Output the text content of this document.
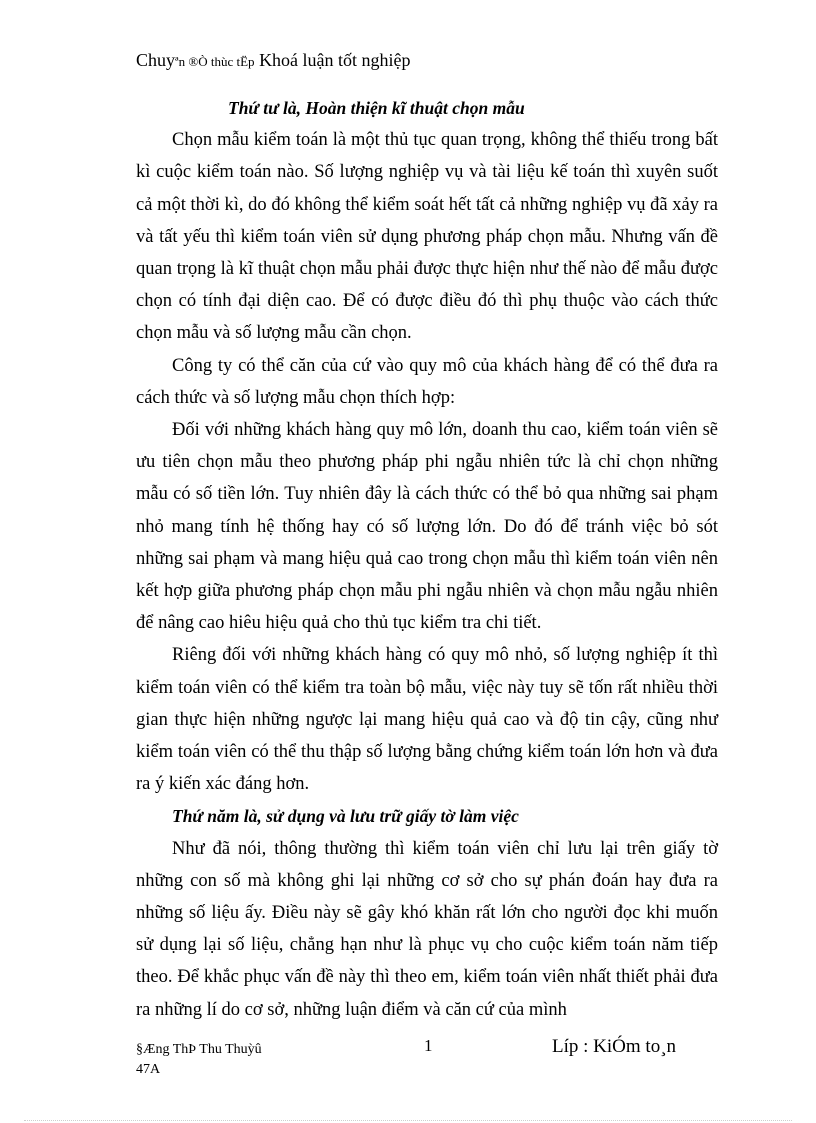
Chuyªn ®Ò thùc tËp Khoá luận tốt nghiệp

Thứ tư là, Hoàn thiện kĩ thuật chọn mẫu

Chọn mẫu kiểm toán là một thủ tục quan trọng, không thể thiếu trong bất kì cuộc kiểm toán nào. Số lượng nghiệp vụ và tài liệu kế toán thì xuyên suốt cả một thời kì, do đó không thể kiểm soát hết tất cả những nghiệp vụ đã xảy ra và tất yếu thì kiểm toán viên sử dụng phương pháp chọn mẫu. Nhưng vấn đề quan trọng là kĩ thuật chọn mẫu phải được thực hiện như thế nào để mẫu được chọn có tính đại diện cao. Để có được điều đó thì phụ thuộc vào cách thức chọn mẫu và số lượng mẫu cần chọn.

Công ty có thể căn của cứ vào quy mô của khách hàng để có thể đưa ra cách thức và số lượng mẫu chọn thích hợp:

Đối với những khách hàng quy mô lớn, doanh thu cao, kiểm toán viên sẽ ưu tiên chọn mẫu theo phương pháp phi ngẫu nhiên tức là chỉ chọn những mẫu có số tiền lớn. Tuy nhiên đây là cách thức có thể bỏ qua những sai phạm nhỏ mang tính hệ thống hay có số lượng lớn. Do đó để tránh việc bỏ sót những sai phạm và mang hiệu quả cao trong chọn mẫu thì kiểm toán viên nên kết hợp giữa phương pháp chọn mẫu phi ngẫu nhiên và chọn mẫu ngẫu nhiên để nâng cao hiêu hiệu quả cho thủ tục kiểm tra chi tiết.

Riêng đối với những khách hàng có quy mô nhỏ, số lượng nghiệp ít thì kiểm toán viên có thể kiểm tra toàn bộ mẫu, việc này tuy sẽ tốn rất nhiều thời gian thực hiện những ngược lại mang hiệu quả cao và độ tin cậy, cũng như kiểm toán viên có thể thu thập số lượng bằng chứng kiểm toán lớn hơn và đưa ra ý kiến xác đáng hơn.

Thứ năm là, sử dụng và lưu trữ giấy tờ làm việc

Như đã nói, thông thường thì kiểm toán viên chỉ lưu lại trên giấy tờ những con số mà không ghi lại những cơ sở cho sự phán đoán hay đưa ra những số liệu ấy. Điều này sẽ gây khó khăn rất lớn cho người đọc khi muốn sử dụng lại số liệu, chẳng hạn như là phục vụ cho cuộc kiểm toán năm tiếp theo. Để khắc phục vấn đề này thì theo em, kiểm toán viên nhất thiết phải đưa ra những lí do cơ sở, những luận điểm và căn cứ của mình

§Æng ThÞ Thu Thuỳû
47A
1	Líp : KiÓm to¸n
